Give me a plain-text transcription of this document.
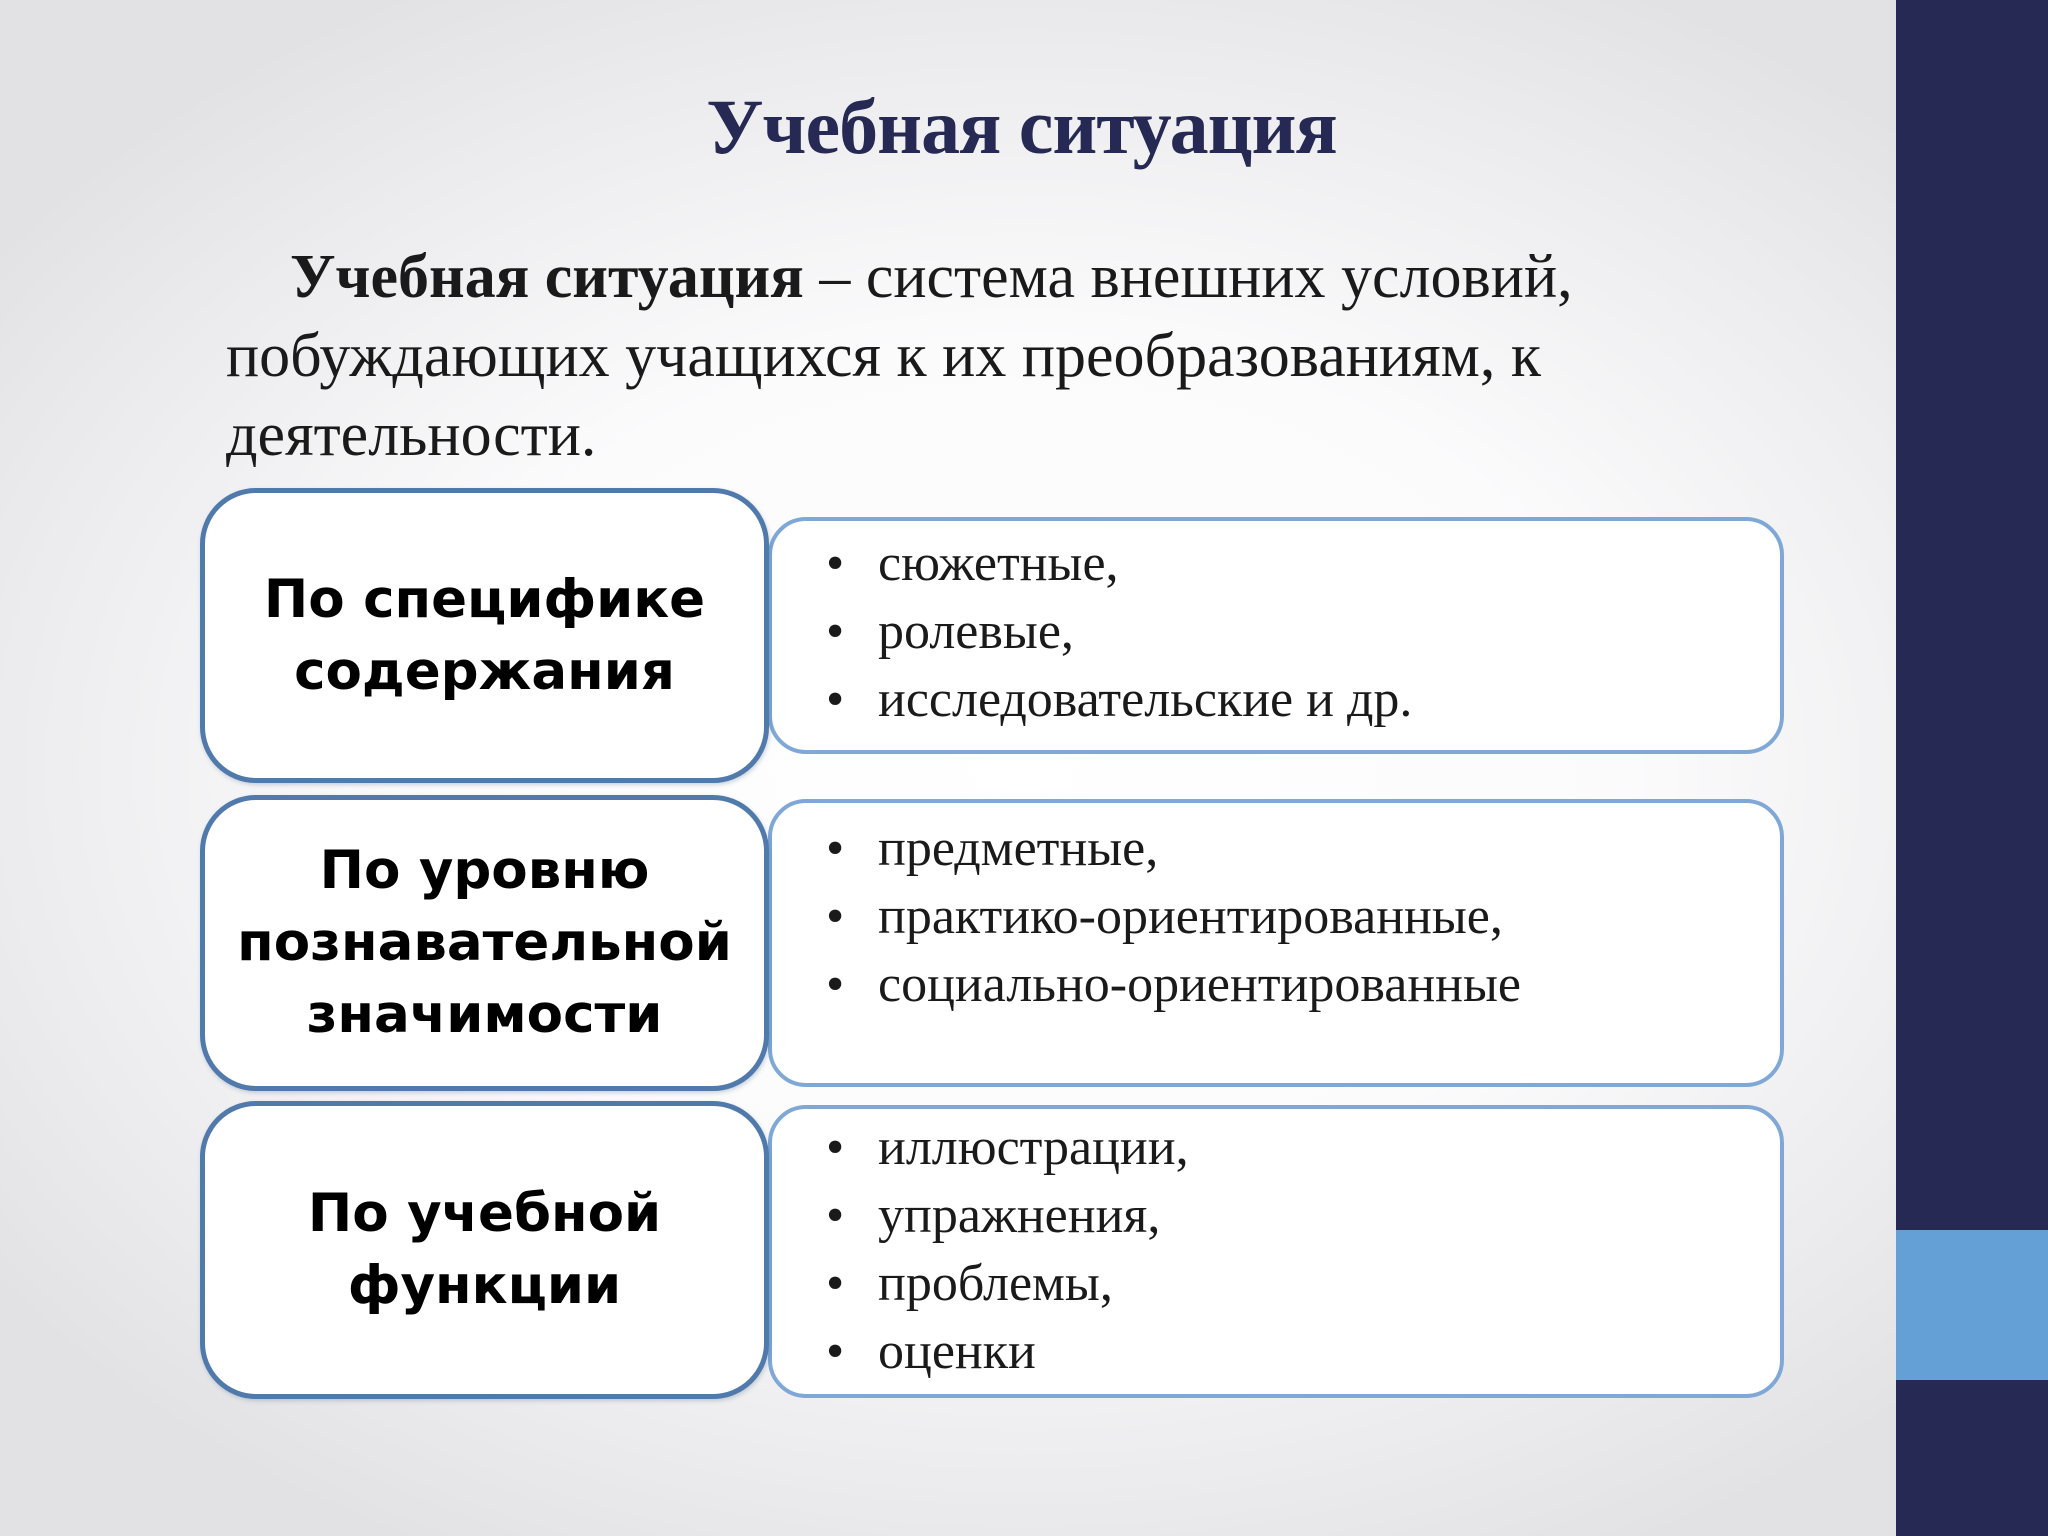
Учебная ситуация

Учебная ситуация – система внешних условий, побуждающих учащихся к их преобразованиям, к деятельности.

По специфике содержания
• сюжетные,
• ролевые,
• исследовательские и др.
По уровню познавательной значимости
• предметные,
• практико-ориентированные,
• социально-ориентированные
По учебной функции
• иллюстрации,
• упражнения,
• проблемы,
• оценки
